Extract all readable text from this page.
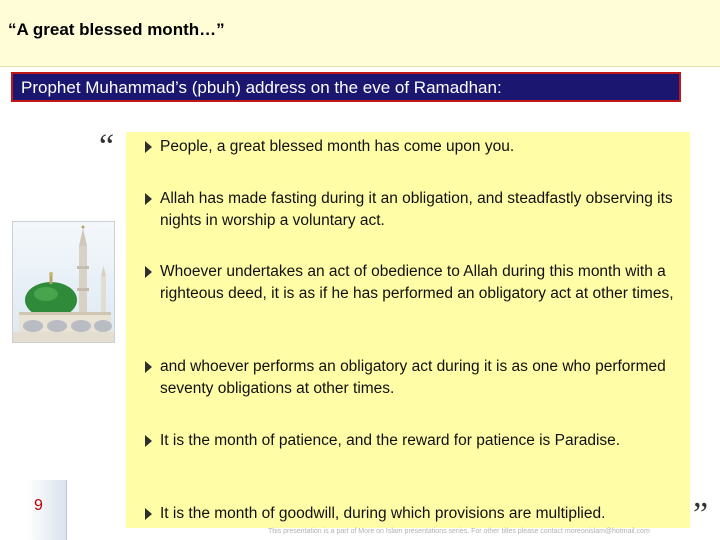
“A great blessed month…”
Prophet Muhammad’s (pbuh) address on the eve of Ramadhan:
“	People, a great blessed month has come upon you.
Allah has made fasting during it an obligation, and steadfastly observing its nights in worship a voluntary act.
Whoever undertakes an act of obedience to Allah during this month with a righteous deed, it is as if he has performed an obligatory act at other times,
and whoever performs an obligatory act during it is as one who performed seventy obligations at other times.
It is the month of patience, and the reward for patience is Paradise.
It is the month of goodwill, during which provisions are multiplied.	”
9
This presentation is a part of More on Islam presentations series. For other titles please contact moreonislam@hotmail.com
